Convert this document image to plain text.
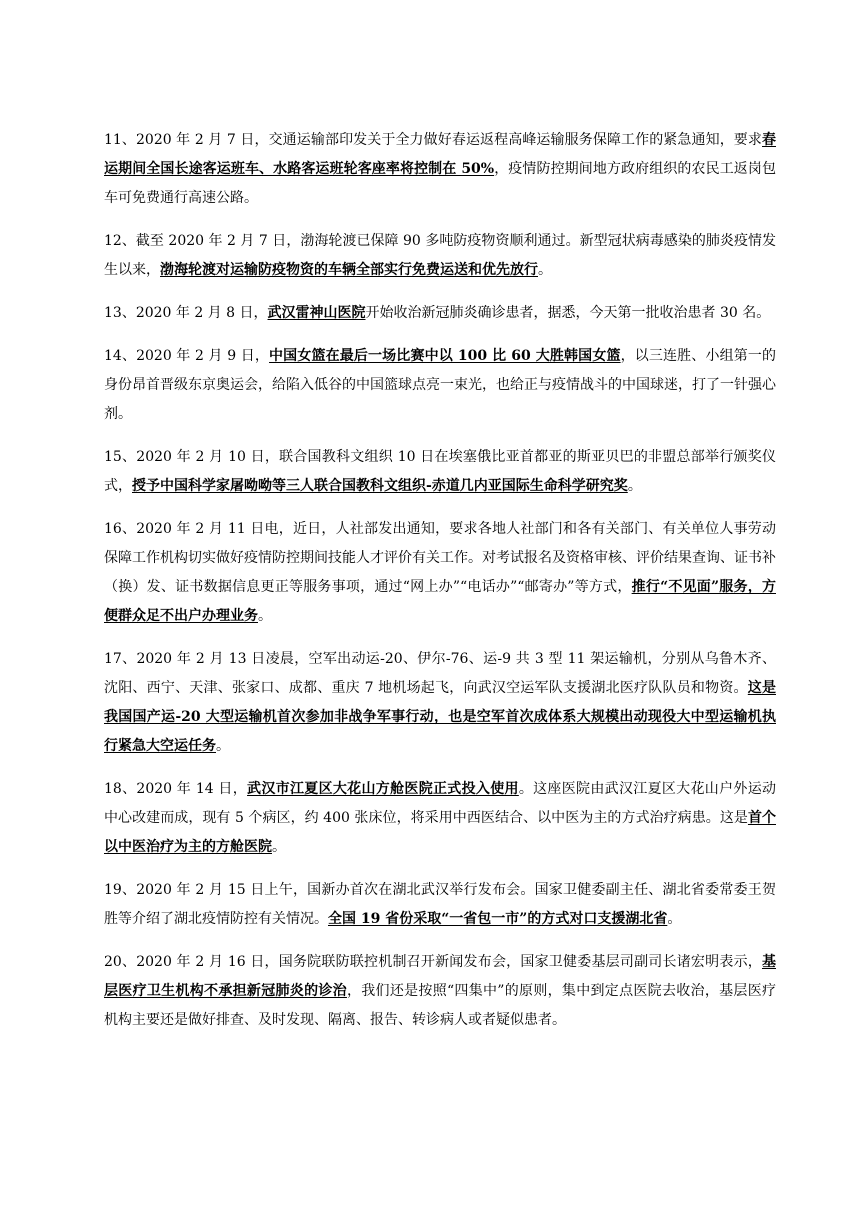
11、2020 年 2 月 7 日，交通运输部印发关于全力做好春运返程高峰运输服务保障工作的紧急通知，要求春运期间全国长途客运班车、水路客运班轮客座率将控制在 50%，疫情防控期间地方政府组织的农民工返岗包车可免费通行高速公路。

12、截至 2020 年 2 月 7 日，渤海轮渡已保障 90 多吨防疫物资顺利通过。新型冠状病毒感染的肺炎疫情发生以来，渤海轮渡对运输防疫物资的车辆全部实行免费运送和优先放行。

13、2020 年 2 月 8 日，武汉雷神山医院开始收治新冠肺炎确诊患者，据悉，今天第一批收治患者 30 名。

14、2020 年 2 月 9 日，中国女篮在最后一场比赛中以 100 比 60 大胜韩国女篮，以三连胜、小组第一的身份昂首晋级东京奥运会，给陷入低谷的中国篮球点亮一束光，也给正与疫情战斗的中国球迷，打了一针强心剂。

15、2020 年 2 月 10 日，联合国教科文组织 10 日在埃塞俄比亚首都亚的斯亚贝巴的非盟总部举行颁奖仪式，授予中国科学家屠呦呦等三人联合国教科文组织-赤道几内亚国际生命科学研究奖。

16、2020 年 2 月 11 日电，近日，人社部发出通知，要求各地人社部门和各有关部门、有关单位人事劳动保障工作机构切实做好疫情防控期间技能人才评价有关工作。对考试报名及资格审核、评价结果查询、证书补（换）发、证书数据信息更正等服务事项，通过“网上办”“电话办”“邮寄办”等方式，推行“不见面”服务，方便群众足不出户办理业务。

17、2020 年 2 月 13 日凌晨，空军出动运-20、伊尔-76、运-9 共 3 型 11 架运输机，分别从乌鲁木齐、沈阳、西宁、天津、张家口、成都、重庆 7 地机场起飞，向武汉空运军队支援湖北医疗队队员和物资。这是我国国产运-20 大型运输机首次参加非战争军事行动，也是空军首次成体系大规模出动现役大中型运输机执行紧急大空运任务。

18、2020 年 14 日，武汉市江夏区大花山方舱医院正式投入使用。这座医院由武汉江夏区大花山户外运动中心改建而成，现有 5 个病区，约 400 张床位，将采用中西医结合、以中医为主的方式治疗病患。这是首个以中医治疗为主的方舱医院。

19、2020 年 2 月 15 日上午，国新办首次在湖北武汉举行发布会。国家卫健委副主任、湖北省委常委王贺胜等介绍了湖北疫情防控有关情况。全国 19 省份采取“一省包一市”的方式对口支援湖北省。

20、2020 年 2 月 16 日，国务院联防联控机制召开新闻发布会，国家卫健委基层司副司长诸宏明表示，基层医疗卫生机构不承担新冠肺炎的诊治，我们还是按照“四集中”的原则，集中到定点医院去收治，基层医疗机构主要还是做好排查、及时发现、隔离、报告、转诊病人或者疑似患者。
